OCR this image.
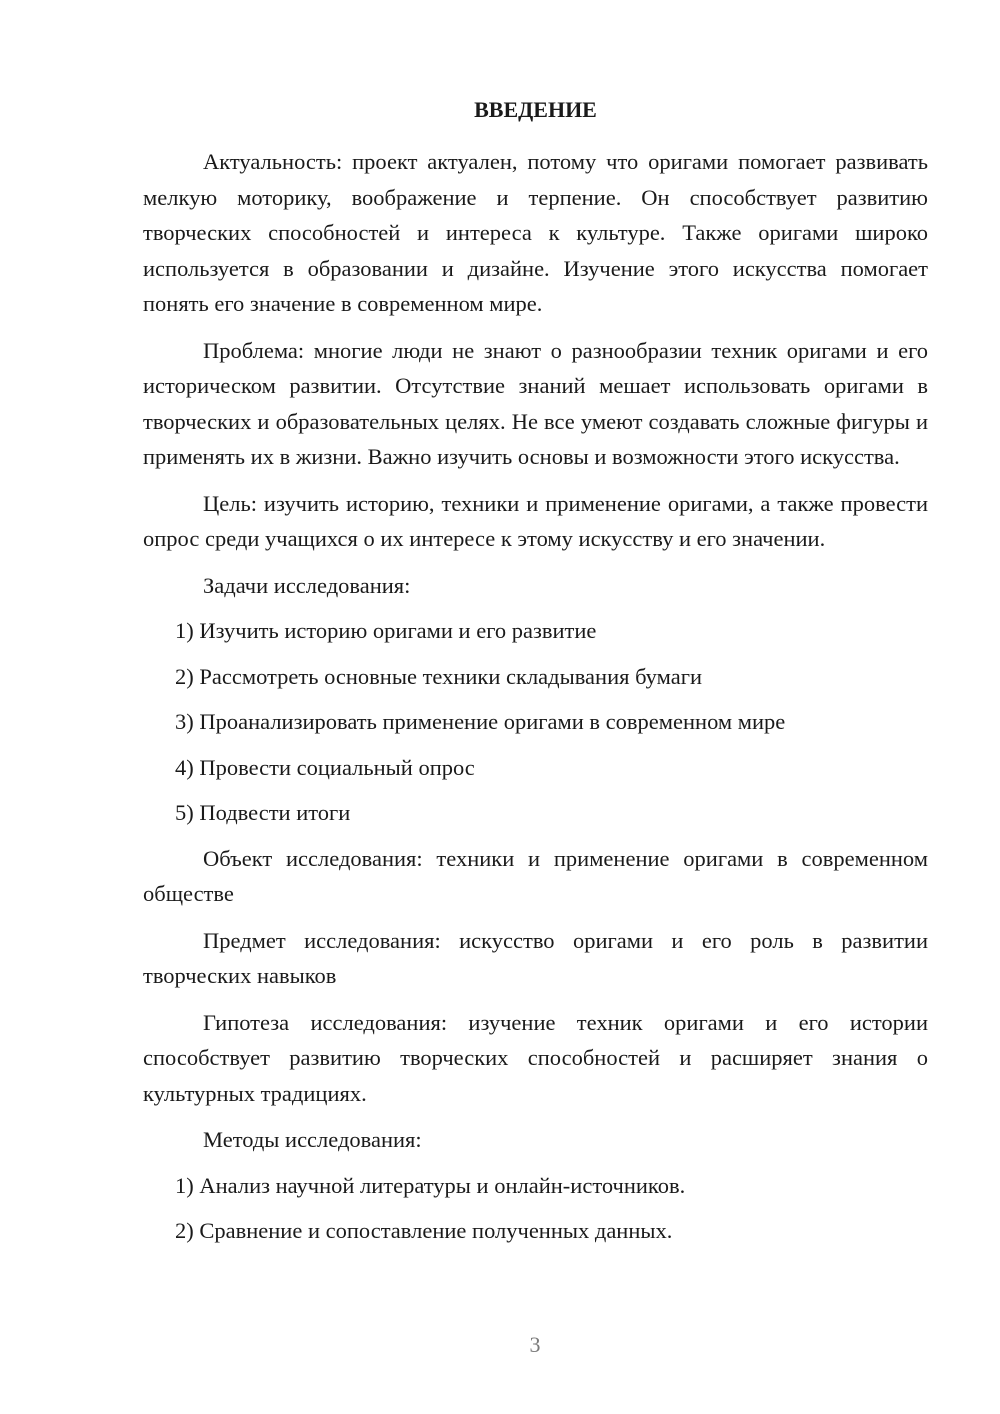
ВВЕДЕНИЕ

Актуальность: проект актуален, потому что оригами помогает развивать мелкую моторику, воображение и терпение. Он способствует развитию творческих способностей и интереса к культуре. Также оригами широко используется в образовании и дизайне. Изучение этого искусства помогает понять его значение в современном мире.

Проблема: многие люди не знают о разнообразии техник оригами и его историческом развитии. Отсутствие знаний мешает использовать оригами в творческих и образовательных целях. Не все умеют создавать сложные фигуры и применять их в жизни. Важно изучить основы и возможности этого искусства.

Цель: изучить историю, техники и применение оригами, а также провести опрос среди учащихся о их интересе к этому искусству и его значении.

Задачи исследования:
1) Изучить историю оригами и его развитие
2) Рассмотреть основные техники складывания бумаги
3) Проанализировать применение оригами в современном мире
4) Провести социальный опрос
5) Подвести итоги

Объект исследования: техники и применение оригами в современном обществе

Предмет исследования: искусство оригами и его роль в развитии творческих навыков

Гипотеза исследования: изучение техник оригами и его истории способствует развитию творческих способностей и расширяет знания о культурных традициях.

Методы исследования:
1) Анализ научной литературы и онлайн-источников.
2) Сравнение и сопоставление полученных данных.
3
